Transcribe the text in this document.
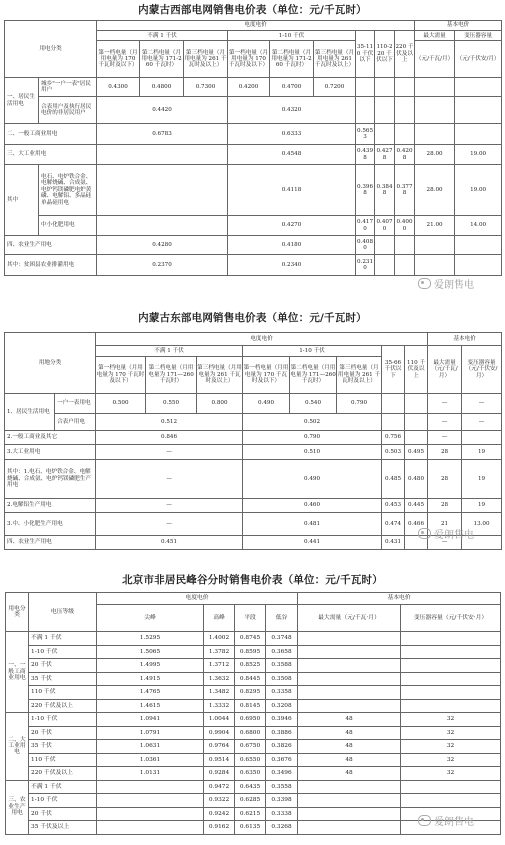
内蒙古西部电网销售电价表（单位：元/千瓦时）
用电分类		电度电价									基本电价	
		不满 1 千伏			1-10 千伏			35-110 千伏以下	110-220 千伏以下	220 千伏及以上	最大需量	变压器容量
		第一档电量（月用电量为 170 千瓦时及以下）	第二档电量（月用电量为 171-260 千瓦时）	第三档电量（月用电量为 261 千瓦时及以上）	第一档电量（月用电量为 170 千瓦时及以下）	第二档电量（月用电量为 171-260 千瓦时）	第三档电量（月用电量为 261 千瓦时及以上）				（元/千瓦/月）	（元/千伏安/月）
一、居民生活用电	城乡"一户一表"居民用户	0.4300	0.4800	0.7300	0.4200	0.4700	0.7200					
	合表用户及执行居民电价的非居民用户	0.4420			0.4320							
二、一般工商业用电		0.6783			0.6333			0.5653				
三、大工业用电					0.4548			0.4398	0.4278	0.4208	28.00	19.00
其中	电石、电炉铁合金、电解烧碱、合成氨、电炉钙镁磷肥电炉黄磷、电解铝、多晶硅单晶硅用电				0.4118			0.3968	0.3848	0.3778	28.00	19.00
	中小化肥用电				0.4270			0.4170	0.4070	0.4000	21.00	14.00
四、农业生产用电		0.4280			0.4180			0.4080				
其中：贫困县农业排灌用电		0.2370			0.2340			0.2310				
爱朗售电
内蒙古东部电网销售电价表（单位：元/千瓦时）
用地分类		电度电价								基本电价	
		不满 1 千伏			1-10 千伏			35-66 千伏以下	110 千伏及以上	最大需量（元/千瓦/月）	变压器容量（元/千伏安/月）
		第一档电量（月用电量为 170 千瓦时及以下）	第二档电量（月用电量为 171—260 千瓦时）	第三档电量（月用电量为 261 千瓦时及以上）	第一档电量（月用电量为 170 千瓦时及以下）	第二档电量（月用电量为 171—260 千瓦时）	第三档电量（月用电量为 261 千瓦时及以上）				
1、居民生活用电	一户一表用电	0.500	0.550	0.800	0.490	0.540	0.790			—	—
	合表户用电	0.512			0.502					—	—
2.一般工商业及其它		0.846			0.790			0.756		—	
3.大工业用电		—			0.510			0.503	0.495	28	19
其中：1.电石、电炉铁合金、电解烧碱、合成氨、电炉钙镁磷肥生产用电		—			0.490			0.485	0.480	28	19
2.电解铝生产用电		—			0.460			0.453	0.445	28	19
3.中、小化肥生产用电		—			0.481			0.474	0.466	21	13.00
四、农业生产用电		0.451			0.441			0.431		—	
爱朗售电
北京市非居民峰谷分时销售电价表（单位：元/千瓦时）
用电分类	电压等级	电度电价				基本电价	
		尖峰	高峰	平段	低谷	最大需量（元/千瓦·月）	变压器容量（元/千伏安·月）
一、一般工商业用电	不满 1 千伏	1.5295	1.4002	0.8745	0.3748		
	1-10 千伏	1.5065	1.3782	0.8595	0.3658		
	20 千伏	1.4995	1.3712	0.8525	0.3588		
	35 千伏	1.4915	1.3632	0.8445	0.3508		
	110 千伏	1.4765	1.3482	0.8295	0.3358		
	220 千伏及以上	1.4615	1.3332	0.8145	0.3208		
二、大工业用电	1-10 千伏	1.0941	1.0044	0.6950	0.3946	48	32
	20 千伏	1.0791	0.9904	0.6800	0.3886	48	32
	35 千伏	1.0631	0.9764	0.6750	0.3826	48	32
	110 千伏	1.0361	0.9514	0.6550	0.3676	48	32
	220 千伏及以上	1.0131	0.9284	0.6350	0.3496	48	32
三、农业生产用电	不满 1 千伏		0.9472	0.6435	0.3558		
	1-10 千伏		0.9322	0.6285	0.3398		
	20 千伏		0.9242	0.6215	0.3338		
	35 千伏及以上		0.9162	0.6135	0.3268			爱朗售电
